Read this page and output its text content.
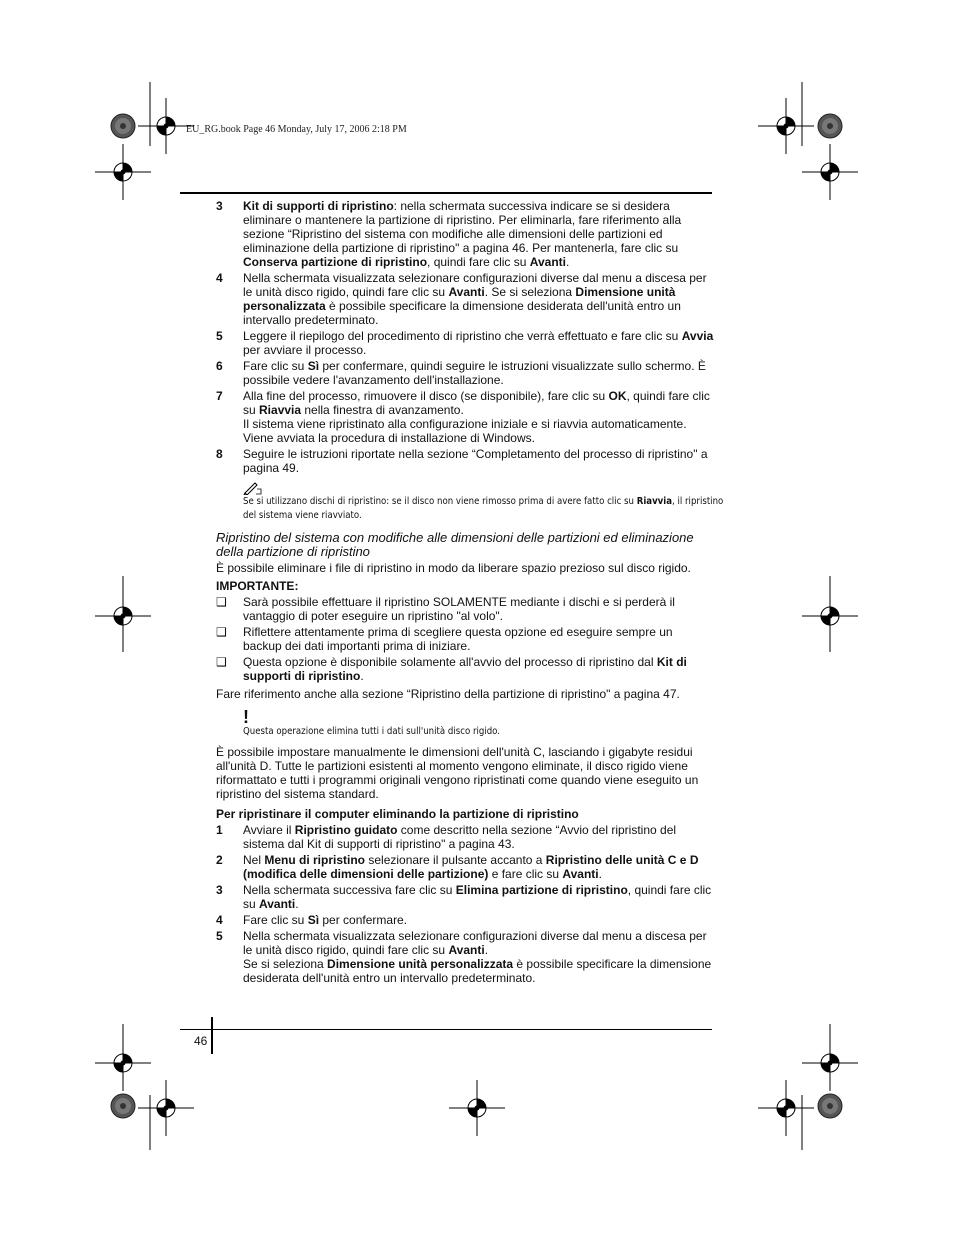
EU_RG.book Page 46 Monday, July 17, 2006 2:18 PM
46
3 Kit di supporti di ripristino: nella schermata successiva indicare se si desidera eliminare o mantenere la partizione di ripristino. Per eliminarla, fare riferimento alla sezione “Ripristino del sistema con modifiche alle dimensioni delle partizioni ed eliminazione della partizione di ripristino" a pagina 46. Per mantenerla, fare clic su Conserva partizione di ripristino, quindi fare clic su Avanti.
4 Nella schermata visualizzata selezionare configurazioni diverse dal menu a discesa per le unità disco rigido, quindi fare clic su Avanti. Se si seleziona Dimensione unità personalizzata è possibile specificare la dimensione desiderata dell'unità entro un intervallo predeterminato.
5 Leggere il riepilogo del procedimento di ripristino che verrà effettuato e fare clic su Avvia per avviare il processo.
6 Fare clic su Sì per confermare, quindi seguire le istruzioni visualizzate sullo schermo. È possibile vedere l'avanzamento dell'installazione.
7 Alla fine del processo, rimuovere il disco (se disponibile), fare clic su OK, quindi fare clic su Riavvia nella finestra di avanzamento.
Il sistema viene ripristinato alla configurazione iniziale e si riavvia automaticamente. Viene avviata la procedura di installazione di Windows.
8 Seguire le istruzioni riportate nella sezione “Completamento del processo di ripristino" a pagina 49.
Se si utilizzano dischi di ripristino: se il disco non viene rimosso prima di avere fatto clic su Riavvia, il ripristino del sistema viene riavviato.
Ripristino del sistema con modifiche alle dimensioni delle partizioni ed eliminazione della partizione di ripristino
È possibile eliminare i file di ripristino in modo da liberare spazio prezioso sul disco rigido.
IMPORTANTE:
❑ Sarà possibile effettuare il ripristino SOLAMENTE mediante i dischi e si perderà il vantaggio di poter eseguire un ripristino "al volo".
❑ Riflettere attentamente prima di scegliere questa opzione ed eseguire sempre un backup dei dati importanti prima di iniziare.
❑ Questa opzione è disponibile solamente all'avvio del processo di ripristino dal Kit di supporti di ripristino.
Fare riferimento anche alla sezione “Ripristino della partizione di ripristino" a pagina 47.
!
Questa operazione elimina tutti i dati sull'unità disco rigido.
È possibile impostare manualmente le dimensioni dell'unità C, lasciando i gigabyte residui all'unità D. Tutte le partizioni esistenti al momento vengono eliminate, il disco rigido viene riformattato e tutti i programmi originali vengono ripristinati come quando viene eseguito un ripristino del sistema standard.
Per ripristinare il computer eliminando la partizione di ripristino
1 Avviare il Ripristino guidato come descritto nella sezione “Avvio del ripristino del sistema dal Kit di supporti di ripristino" a pagina 43.
2 Nel Menu di ripristino selezionare il pulsante accanto a Ripristino delle unità C e D (modifica delle dimensioni delle partizione) e fare clic su Avanti.
3 Nella schermata successiva fare clic su Elimina partizione di ripristino, quindi fare clic su Avanti.
4 Fare clic su Sì per confermare.
5 Nella schermata visualizzata selezionare configurazioni diverse dal menu a discesa per le unità disco rigido, quindi fare clic su Avanti.
Se si seleziona Dimensione unità personalizzata è possibile specificare la dimensione desiderata dell'unità entro un intervallo predeterminato.
